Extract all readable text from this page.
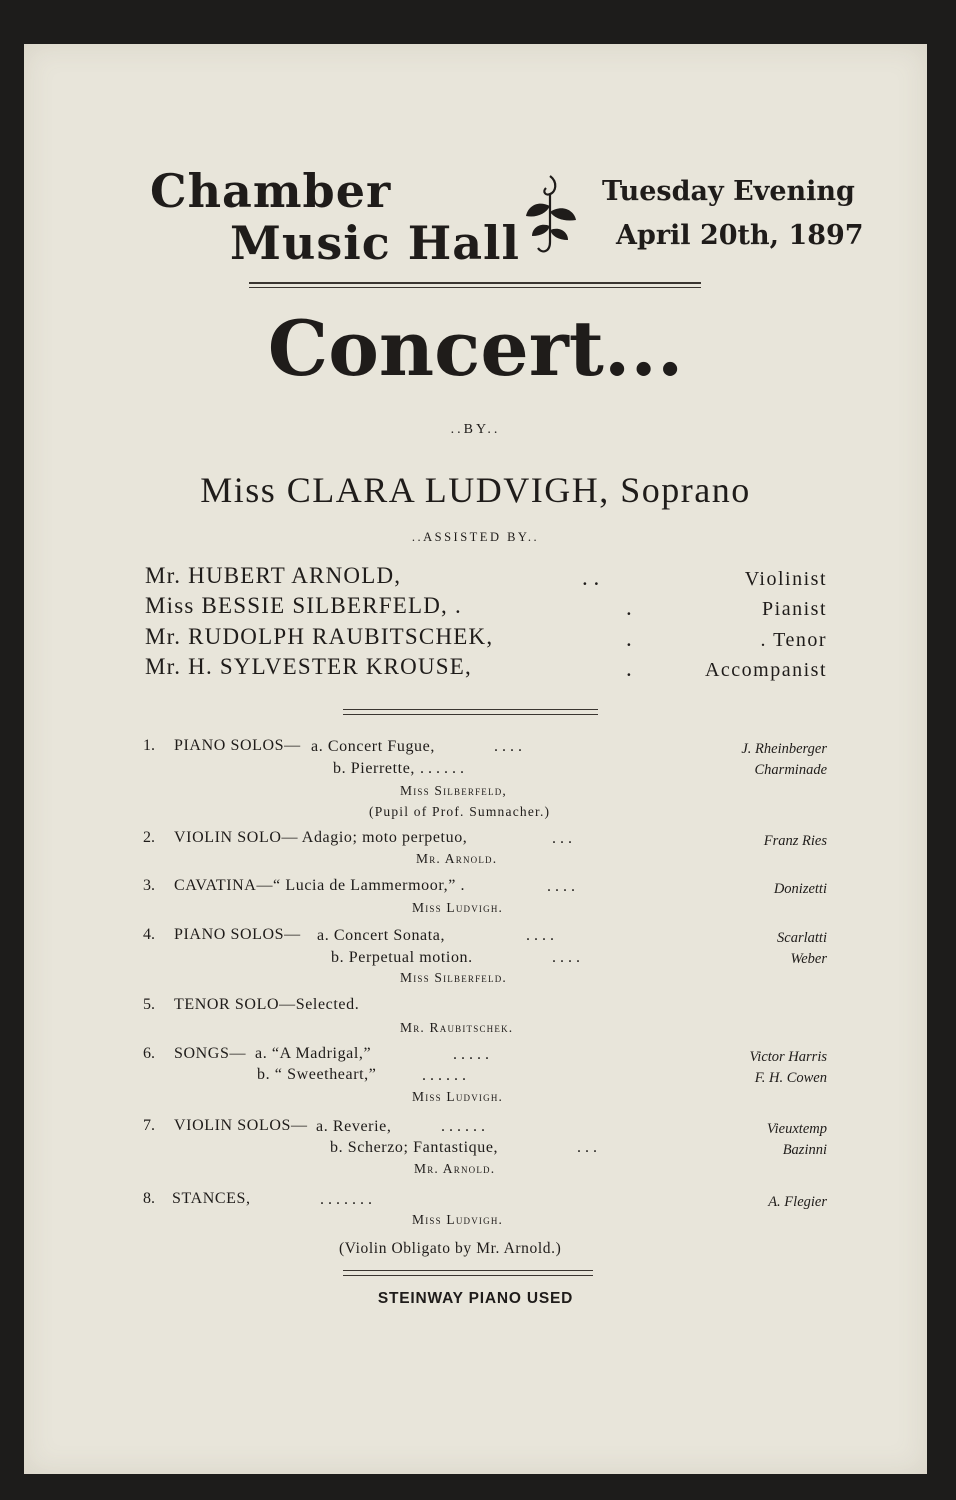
Chamber
Music Hall
Tuesday Evening
April 20th, 1897
Concert...
..BY..
Miss CLARA LUDVIGH, Soprano
..ASSISTED BY..
Mr. HUBERT ARNOLD,	. .	Violinist
Miss BESSIE SILBERFELD, .	.	Pianist
Mr. RUDOLPH RAUBITSCHEK,	.	. Tenor
Mr. H. SYLVESTER KROUSE,	.	Accompanist
1. PIANO SOLOS— a. Concert Fugue,	. . . .	J. Rheinberger
b. Pierrette, . . . . . .	Charminade
Miss Silberfeld,
(Pupil of Prof. Sumnacher.)
2. VIOLIN SOLO— Adagio; moto perpetuo,	. . .	Franz Ries
Mr. Arnold.
3. CAVATINA—“ Lucia de Lammermoor,” .	. . . .	Donizetti
Miss Ludvigh.
4. PIANO SOLOS— a. Concert Sonata,	. . . .	Scarlatti
b. Perpetual motion.	. . . .	Weber
Miss Silberfeld.
5. TENOR SOLO—Selected.
Mr. Raubitschek.
6. SONGS— a. “A Madrigal,”	. . . . .	Victor Harris
b. “ Sweetheart,”	. . . . . .	F. H. Cowen
Miss Ludvigh.
7. VIOLIN SOLOS— a. Reverie,	. . . . . .	Vieuxtemp
b. Scherzo; Fantastique,	. . .	Bazinni
Mr. Arnold.
8. STANCES,	. . . . . . .	A. Flegier
Miss Ludvigh.
(Violin Obligato by Mr. Arnold.)
STEINWAY PIANO USED
